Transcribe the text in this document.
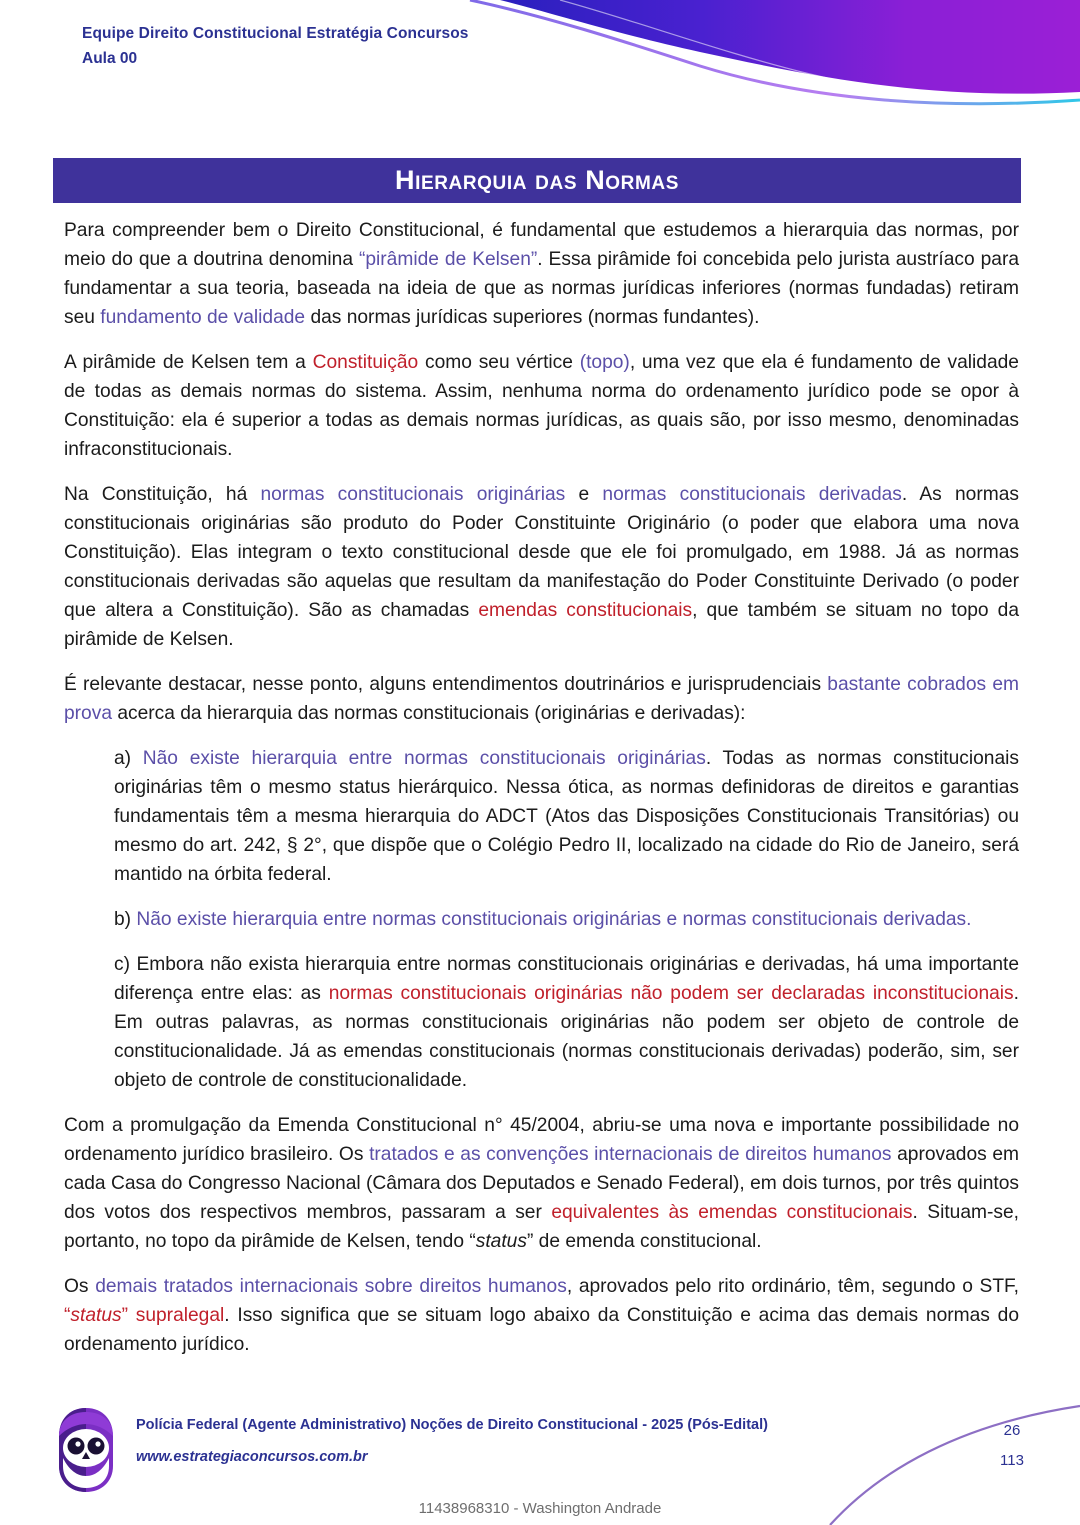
Equipe Direito Constitucional Estratégia Concursos

Aula 00

Hierarquia das Normas

Para compreender bem o Direito Constitucional, é fundamental que estudemos a hierarquia das normas, por meio do que a doutrina denomina “pirâmide de Kelsen”. Essa pirâmide foi concebida pelo jurista austríaco para fundamentar a sua teoria, baseada na ideia de que as normas jurídicas inferiores (normas fundadas) retiram seu fundamento de validade das normas jurídicas superiores (normas fundantes).

A pirâmide de Kelsen tem a Constituição como seu vértice (topo), uma vez que ela é fundamento de validade de todas as demais normas do sistema. Assim, nenhuma norma do ordenamento jurídico pode se opor à Constituição: ela é superior a todas as demais normas jurídicas, as quais são, por isso mesmo, denominadas infraconstitucionais.

Na Constituição, há normas constitucionais originárias e normas constitucionais derivadas. As normas constitucionais originárias são produto do Poder Constituinte Originário (o poder que elabora uma nova Constituição). Elas integram o texto constitucional desde que ele foi promulgado, em 1988. Já as normas constitucionais derivadas são aquelas que resultam da manifestação do Poder Constituinte Derivado (o poder que altera a Constituição). São as chamadas emendas constitucionais, que também se situam no topo da pirâmide de Kelsen.

É relevante destacar, nesse ponto, alguns entendimentos doutrinários e jurisprudenciais bastante cobrados em prova acerca da hierarquia das normas constitucionais (originárias e derivadas):

a) Não existe hierarquia entre normas constitucionais originárias. Todas as normas constitucionais originárias têm o mesmo status hierárquico. Nessa ótica, as normas definidoras de direitos e garantias fundamentais têm a mesma hierarquia do ADCT (Atos das Disposições Constitucionais Transitórias) ou mesmo do art. 242, § 2°, que dispõe que o Colégio Pedro II, localizado na cidade do Rio de Janeiro, será mantido na órbita federal.

b) Não existe hierarquia entre normas constitucionais originárias e normas constitucionais derivadas.

c) Embora não exista hierarquia entre normas constitucionais originárias e derivadas, há uma importante diferença entre elas: as normas constitucionais originárias não podem ser declaradas inconstitucionais. Em outras palavras, as normas constitucionais originárias não podem ser objeto de controle de constitucionalidade. Já as emendas constitucionais (normas constitucionais derivadas) poderão, sim, ser objeto de controle de constitucionalidade.

Com a promulgação da Emenda Constitucional n° 45/2004, abriu-se uma nova e importante possibilidade no ordenamento jurídico brasileiro. Os tratados e as convenções internacionais de direitos humanos aprovados em cada Casa do Congresso Nacional (Câmara dos Deputados e Senado Federal), em dois turnos, por três quintos dos votos dos respectivos membros, passaram a ser equivalentes às emendas constitucionais. Situam-se, portanto, no topo da pirâmide de Kelsen, tendo “status” de emenda constitucional.

Os demais tratados internacionais sobre direitos humanos, aprovados pelo rito ordinário, têm, segundo o STF, “status” supralegal. Isso significa que se situam logo abaixo da Constituição e acima das demais normas do ordenamento jurídico.

Polícia Federal (Agente Administrativo) Noções de Direito Constitucional - 2025 (Pós-Edital)

www.estrategiaconcursos.com.br

26
113
11438968310 - Washington Andrade
